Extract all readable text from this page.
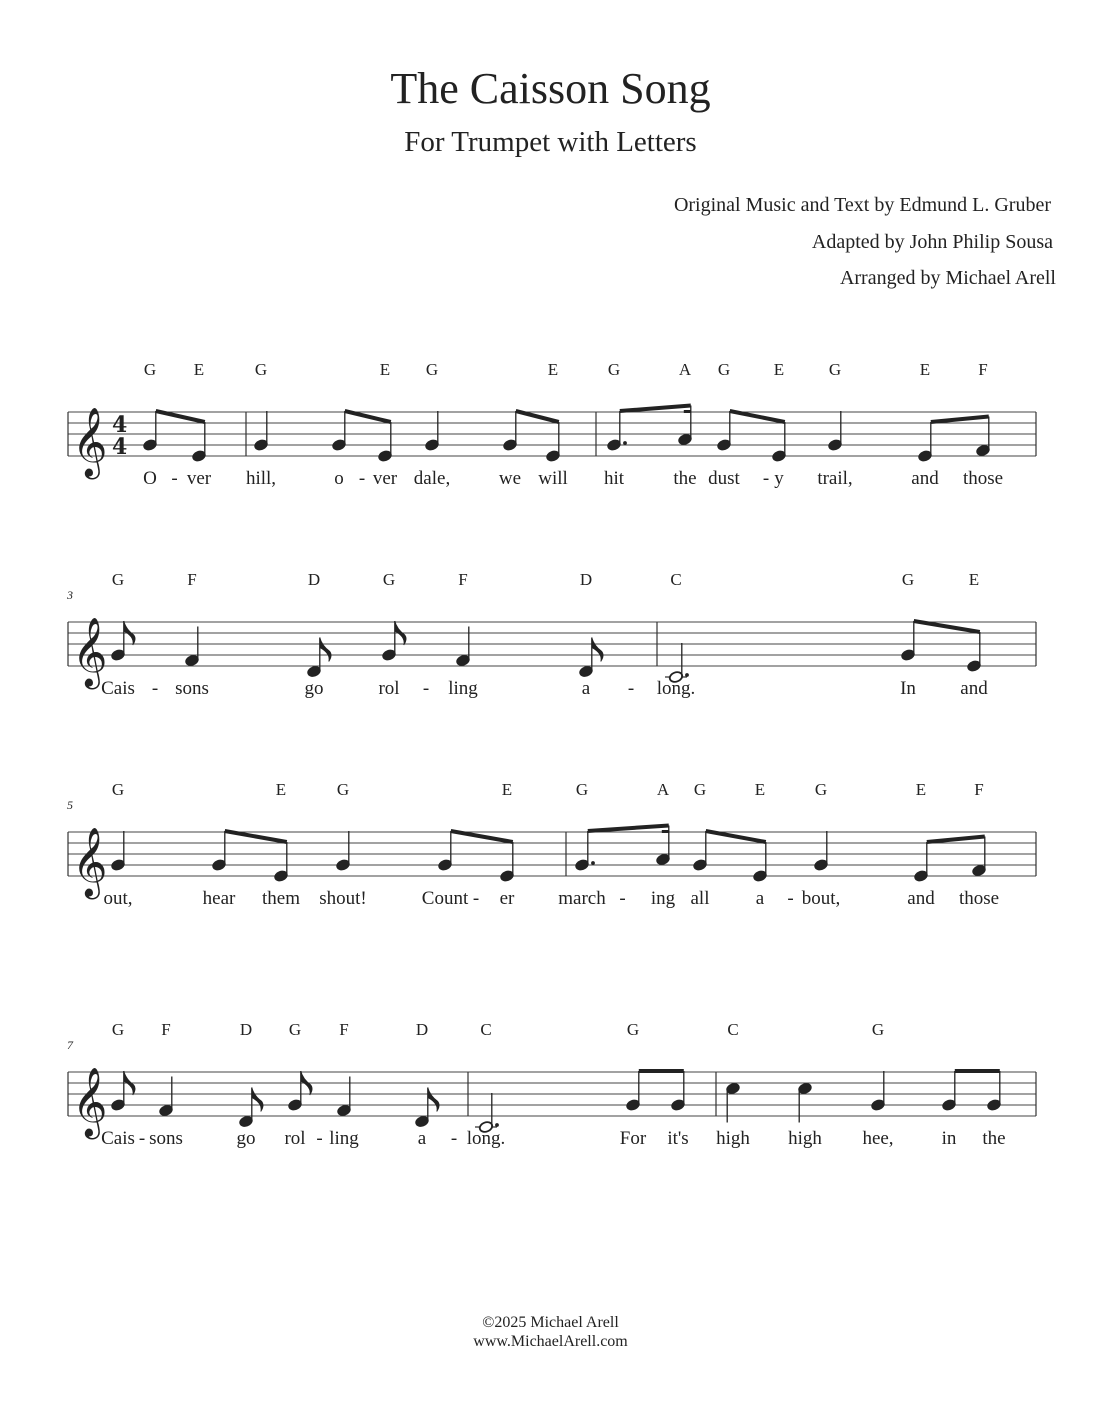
The Caisson Song
For Trumpet with Letters
Original Music and Text by Edmund L. Gruber
Adapted by John Philip Sousa
Arranged by Michael Arell
𝄞 4
4
G
O
E
ver
G
hill,	o
E
ver
G
dale,	we
E
will
G
hit
A
the
G
dust
E
y
G
trail,
E
and
F
those
-	-	-
𝄞
3
G
Cais
F
sons
D
go
G
rol
F
ling
D
a
C
long.
G
In
E
and
-	-	-
𝄞
5
G
out,	hear
E
them
G
shout!	Count
E
er
G
march
A
ing
G
all
E
a
G
bout,
E
and
F
those
-	-	-
𝄞
7
G
Cais
F
sons
D
go
G
rol
F
ling
D
a
C
long.
G
For it's
C
high high
G
hee,	in the
-	-	-
©2025 Michael Arell
www.MichaelArell.com
